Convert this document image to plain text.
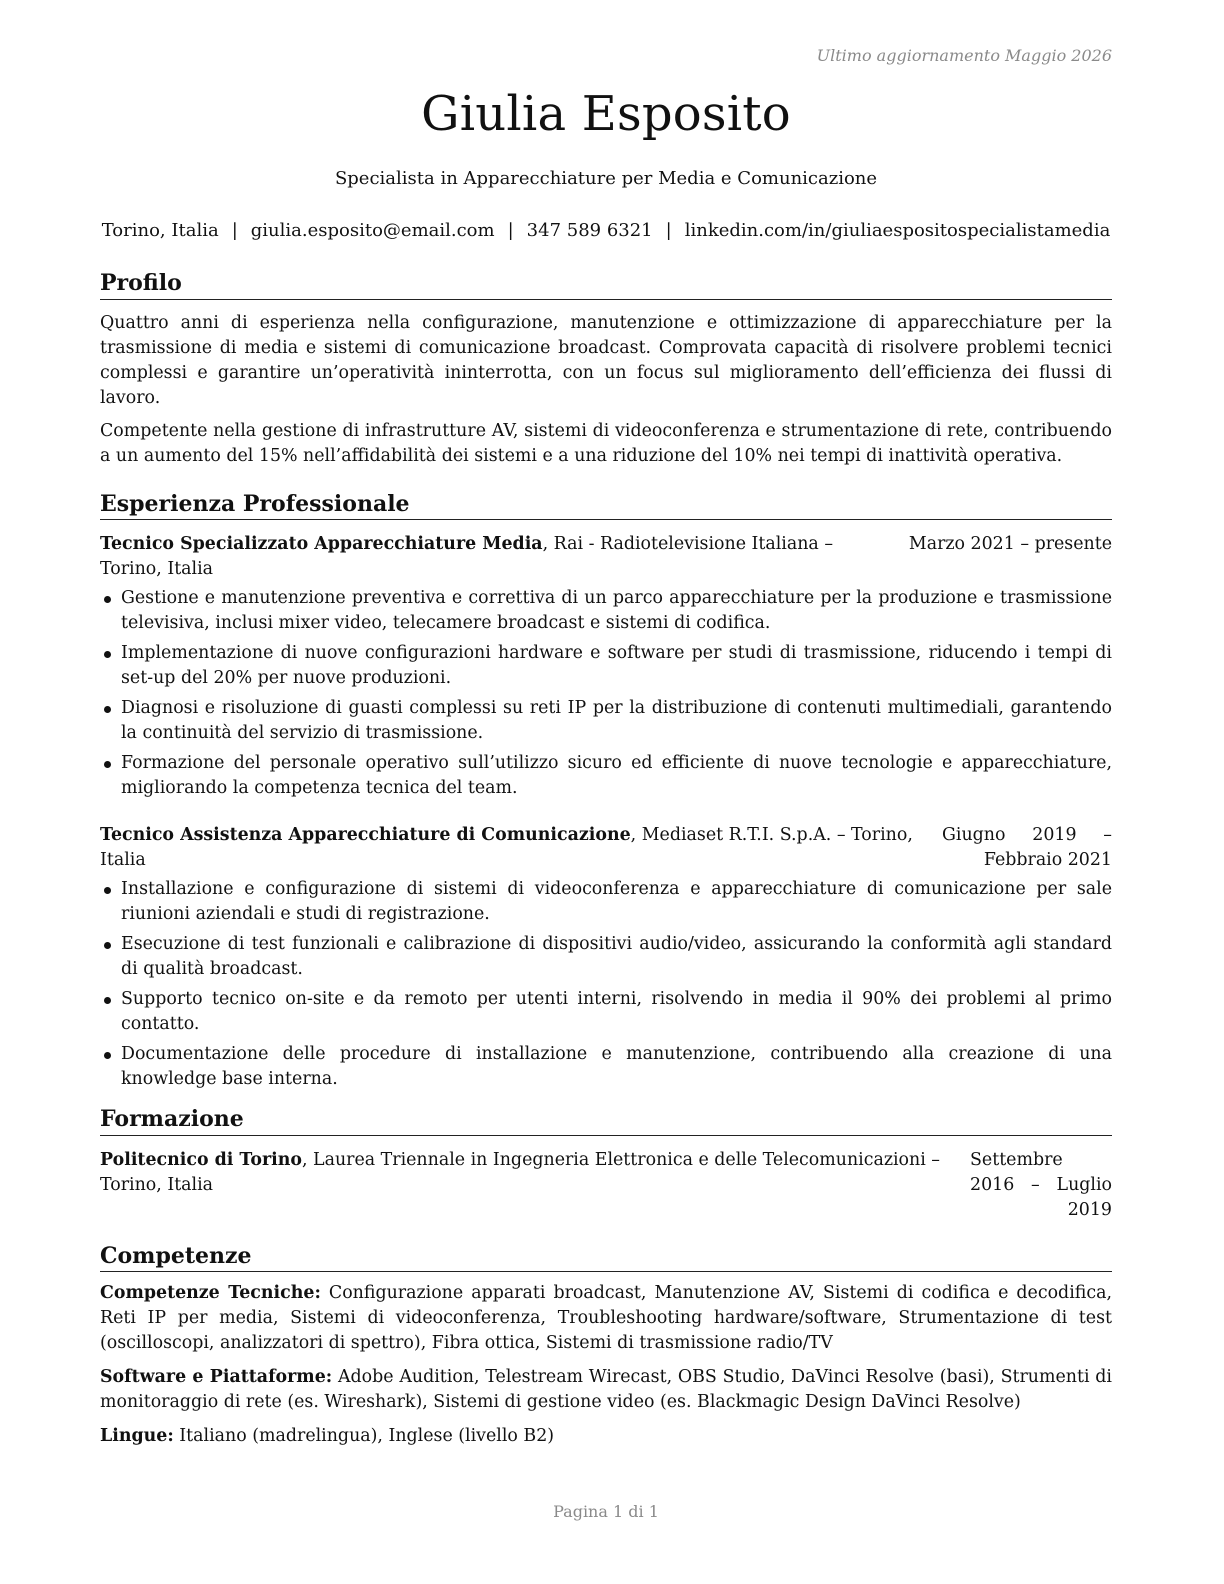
Ultimo aggiornamento Maggio 2026
Giulia Esposito
Specialista in Apparecchiature per Media e Comunicazione
Torino, Italia | giulia.esposito@email.com | 347 589 6321 | linkedin.com/in/giuliaespositospecialistamedia
Profilo

Quattro anni di esperienza nella configurazione, manutenzione e ottimizzazione di apparecchiature per la trasmissione di media e sistemi di comunicazione broadcast. Comprovata capacità di risolvere problemi tecnici complessi e garantire un’operatività ininterrotta, con un focus sul miglioramento dell’efficienza dei flussi di lavoro.

Competente nella gestione di infrastrutture AV, sistemi di videoconferenza e strumentazione di rete, contribuendo a un aumento del 15% nell’affidabilità dei sistemi e a una riduzione del 10% nei tempi di inattività operativa.

Esperienza Professionale
Tecnico Specializzato Apparecchiature Media, Rai - Radiotelevisione Italiana – Torino, Italia
Marzo 2021 – presente
Gestione e manutenzione preventiva e correttiva di un parco apparecchiature per la produzione e trasmissione televisiva, inclusi mixer video, telecamere broadcast e sistemi di codifica.
Implementazione di nuove configurazioni hardware e software per studi di trasmissione, riducendo i tempi di set-up del 20% per nuove produzioni.
Diagnosi e risoluzione di guasti complessi su reti IP per la distribuzione di contenuti multimediali, garantendo la continuità del servizio di trasmissione.
Formazione del personale operativo sull’utilizzo sicuro ed efficiente di nuove tecnologie e apparecchiature, migliorando la competenza tecnica del team.
Tecnico Assistenza Apparecchiature di Comunicazione, Mediaset R.T.I. S.p.A. – Torino, Italia
Giugno 2019 – Febbraio 2021
Installazione e configurazione di sistemi di videoconferenza e apparecchiature di comunicazione per sale riunioni aziendali e studi di registrazione.
Esecuzione di test funzionali e calibrazione di dispositivi audio/video, assicurando la conformità agli standard di qualità broadcast.
Supporto tecnico on-site e da remoto per utenti interni, risolvendo in media il 90% dei problemi al primo contatto.
Documentazione delle procedure di installazione e manutenzione, contribuendo alla creazione di una knowledge base interna.
Formazione
Politecnico di Torino, Laurea Triennale in Ingegneria Elettronica e delle Telecomunicazioni – Torino, Italia
Settembre 2016 – Luglio 2019
Competenze

Competenze Tecniche: Configurazione apparati broadcast, Manutenzione AV, Sistemi di codifica e decodifica, Reti IP per media, Sistemi di videoconferenza, Troubleshooting hardware/software, Strumentazione di test (oscilloscopi, analizzatori di spettro), Fibra ottica, Sistemi di trasmissione radio/TV

Software e Piattaforme: Adobe Audition, Telestream Wirecast, OBS Studio, DaVinci Resolve (basi), Strumenti di monitoraggio di rete (es. Wireshark), Sistemi di gestione video (es. Blackmagic Design DaVinci Resolve)

Lingue: Italiano (madrelingua), Inglese (livello B2)

Pagina 1 di 1
